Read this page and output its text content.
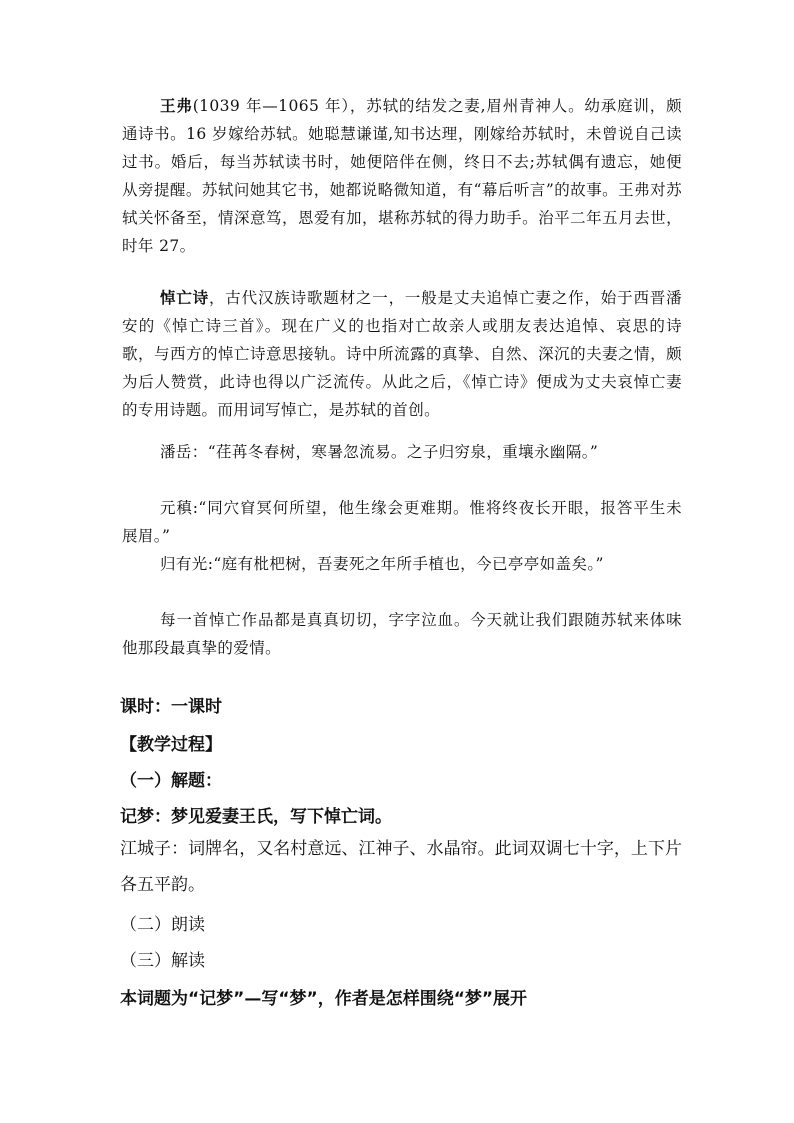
王弗(1039 年—1065 年），苏轼的结发之妻,眉州青神人。幼承庭训，颇通诗书。16 岁嫁给苏轼。她聪慧谦谨,知书达理，刚嫁给苏轼时，未曾说自己读过书。婚后，每当苏轼读书时，她便陪伴在侧，终日不去;苏轼偶有遗忘，她便从旁提醒。苏轼问她其它书，她都说略微知道，有“幕后听言”的故事。王弗对苏轼关怀备至，情深意笃，恩爱有加，堪称苏轼的得力助手。治平二年五月去世，时年 27。

悼亡诗，古代汉族诗歌题材之一，一般是丈夫追悼亡妻之作，始于西晋潘安的《悼亡诗三首》。现在广义的也指对亡故亲人或朋友表达追悼、哀思的诗歌，与西方的悼亡诗意思接轨。诗中所流露的真挚、自然、深沉的夫妻之情，颇为后人赞赏，此诗也得以广泛流传。从此之后，《悼亡诗》便成为丈夫哀悼亡妻的专用诗题。而用词写悼亡，是苏轼的首创。

潘岳：“荏苒冬春树，寒暑忽流易。之子归穷泉，重壤永幽隔。”

元稹:“同穴窅冥何所望，他生缘会更难期。惟将终夜长开眼，报答平生未展眉。”

归有光:“庭有枇杷树，吾妻死之年所手植也，今已亭亭如盖矣。”

每一首悼亡作品都是真真切切，字字泣血。今天就让我们跟随苏轼来体味他那段最真挚的爱情。

课时：一课时

【教学过程】

（一）解题：

记梦：梦见爱妻王氏，写下悼亡词。

江城子：词牌名，又名村意远、江神子、水晶帘。此词双调七十字，上下片各五平韵。

（二）朗读

（三）解读

本词题为“记梦”—写“梦”，作者是怎样围绕“梦”展开
